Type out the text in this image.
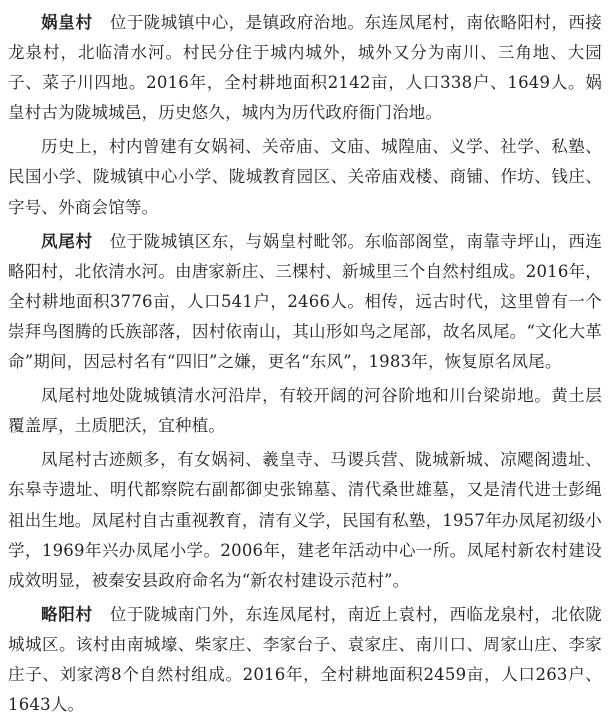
娲皇村　位于陇城镇中心，是镇政府治地。东连凤尾村，南依略阳村，西接龙泉村，北临清水河。村民分住于城内城外，城外又分为南川、三角地、大园子、菜子川四地。2016年，全村耕地面积2142亩，人口338户、1649人。娲皇村古为陇城城邑，历史悠久，城内为历代政府衙门治地。

历史上，村内曾建有女娲祠、关帝庙、文庙、城隍庙、义学、社学、私塾、民国小学、陇城镇中心小学、陇城教育园区、关帝庙戏楼、商铺、作坊、钱庄、字号、外商会馆等。

凤尾村　位于陇城镇区东，与娲皇村毗邻。东临部阁堂，南靠寺坪山，西连略阳村，北依清水河。由唐家新庄、三棵村、新城里三个自然村组成。2016年，全村耕地面积3776亩，人口541户，2466人。相传，远古时代，这里曾有一个崇拜鸟图腾的氏族部落，因村依南山，其山形如鸟之尾部，故名凤尾。“文化大革命”期间，因忌村名有“四旧”之嫌，更名“东风”，1983年，恢复原名凤尾。

凤尾村地处陇城镇清水河沿岸，有较开阔的河谷阶地和川台梁峁地。黄土层覆盖厚，土质肥沃，宜种植。

凤尾村古迹颇多，有女娲祠、羲皇寺、马谡兵营、陇城新城、凉飔阁遗址、东皋寺遗址、明代都察院右副都御史张锦墓、清代桑世雄墓，又是清代进士彭绳祖出生地。凤尾村自古重视教育，清有义学，民国有私塾，1957年办凤尾初级小学，1969年兴办凤尾小学。2006年，建老年活动中心一所。凤尾村新农村建设成效明显，被秦安县政府命名为“新农村建设示范村”。

略阳村　位于陇城南门外，东连凤尾村，南近上袁村，西临龙泉村，北依陇城城区。该村由南城壕、柴家庄、李家台子、袁家庄、南川口、周家山庄、李家庄子、刘家湾8个自然村组成。2016年，全村耕地面积2459亩，人口263户、1643人。
